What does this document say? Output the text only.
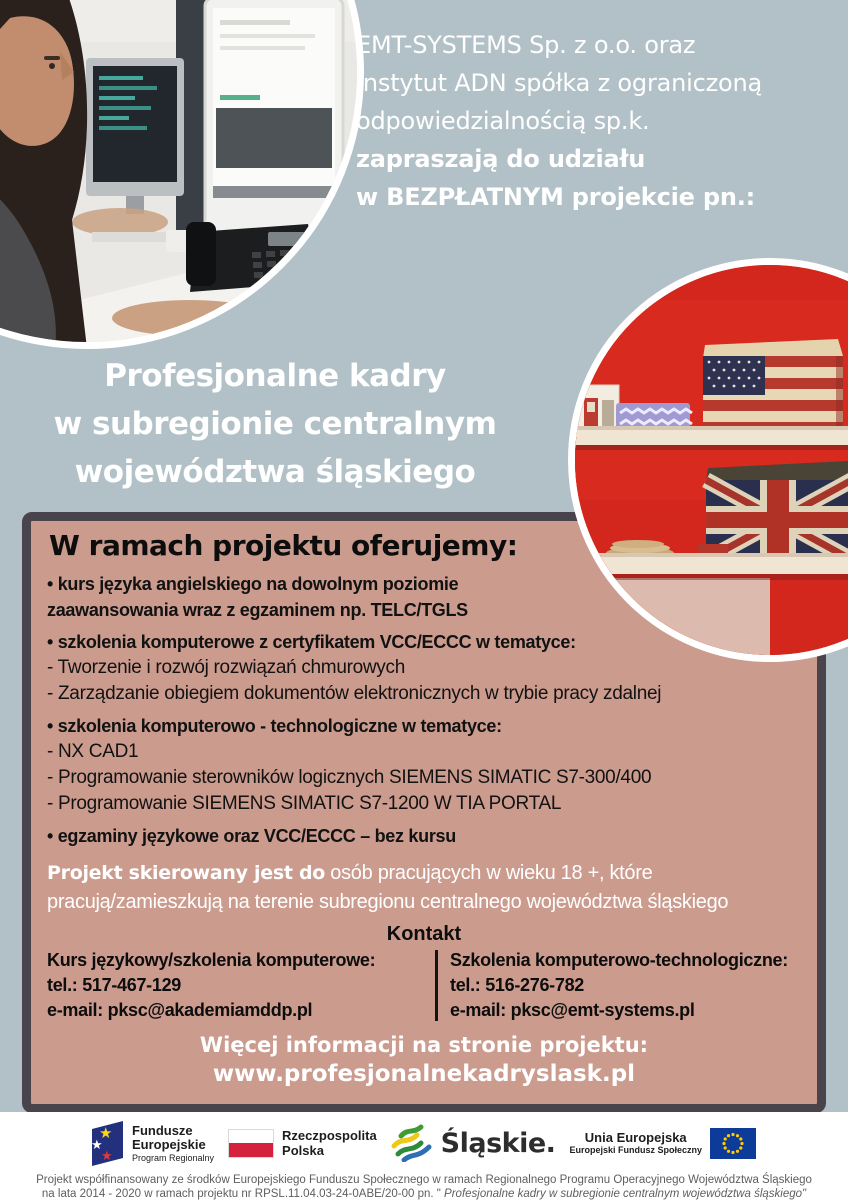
EMT-SYSTEMS Sp. z o.o. oraz
Instytut ADN spółka z ograniczoną
odpowiedzialnością sp.k.
zapraszają do udziału
w BEZPŁATNYM projekcie pn.:
Profesjonalne kadry
w subregionie centralnym
województwa śląskiego
W ramach projektu oferujemy:
• kurs języka angielskiego na dowolnym poziomie
zaawansowania wraz z egzaminem np. TELC/TGLS
• szkolenia komputerowe z certyfikatem VCC/ECCC w tematyce:
- Tworzenie i rozwój rozwiązań chmurowych
- Zarządzanie obiegiem dokumentów elektronicznych w trybie pracy zdalnej
• szkolenia komputerowo - technologiczne w tematyce:
- NX CAD1
- Programowanie sterowników logicznych SIEMENS SIMATIC S7-300/400
- Programowanie SIEMENS SIMATIC S7-1200 W TIA PORTAL
• egzaminy językowe oraz VCC/ECCC – bez kursu
Projekt skierowany jest do osób pracujących w wieku 18 +, które pracują/zamieszkują na terenie subregionu centralnego województwa śląskiego
Kontakt
Kurs językowy/szkolenia komputerowe:
tel.: 517-467-129
e-mail: pksc@akademiamddp.pl
Szkolenia komputerowo-technologiczne:
tel.: 516-276-782
e-mail: pksc@emt-systems.pl
Więcej informacji na stronie projektu:
www.profesjonalnekadryslask.pl
★
★
★
Fundusze
Europejskie
Program Regionalny
Rzeczpospolita
Polska	Śląskie.	Unia Europejska
Europejski Fundusz Społeczny
Projekt współfinansowany ze środków Europejskiego Funduszu Społecznego w ramach Regionalnego Programu Operacyjnego Województwa Śląskiego
na lata 2014 - 2020 w ramach projektu nr RPSL.11.04.03-24-0ABE/20-00 pn. " Profesjonalne kadry w subregionie centralnym województwa śląskiego"
